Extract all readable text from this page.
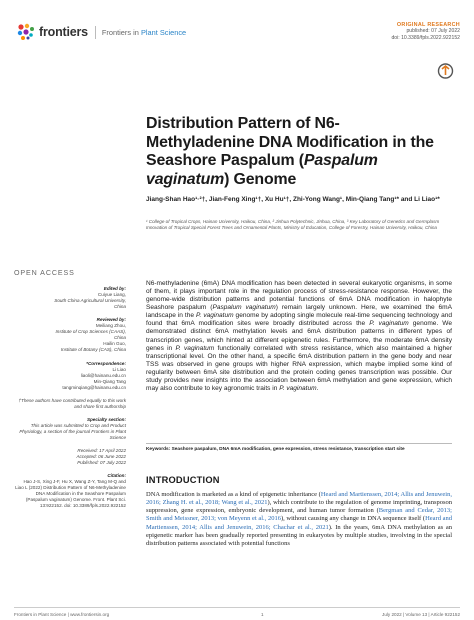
frontiers Frontiers in Plant Science
ORIGINAL RESEARCH
published: 07 July 2022
doi: 10.3389/fpls.2022.922152
Distribution Pattern of N6-Methyladenine DNA Modification in the Seashore Paspalum (Paspalum vaginatum) Genome
Jiang-Shan Hao¹·²†, Jian-Feng Xing¹†, Xu Hu¹†, Zhi-Yong Wang¹, Min-Qiang Tang¹* and Li Liao¹*
¹ College of Tropical Crops, Hainan University, Haikou, China, ² Jinhua Polytechnic, Jinhua, China, ³ Key Laboratory of Genetics and Germplasm Innovation of Tropical Special Forest Trees and Ornamental Plants, Ministry of Education, College of Forestry, Hainan University, Haikou, China
OPEN ACCESS
Edited by:
Cuiyue Liang,
South China Agricultural University,
China
Reviewed by:
Meiliang Zhou,
Institute of Crop Sciences (CAAS),
China
Hailin Guo,
Institute of Botany (CAS), China
*Correspondence:
Li Liao
liaoli@hainanu.edu.cn
Min-Qiang Tang
tangminqiang@hainanu.edu.cn
†These authors have contributed equally to this work and share first authorship
Specialty section:
This article was submitted to Crop and Product Physiology, a section of the journal Frontiers in Plant Science
Received: 17 April 2022
Accepted: 06 June 2022
Published: 07 July 2022
Citation:
Hao J-S, Xing J-F, Hu X, Wang Z-Y, Tang M-Q and Liao L (2022) Distribution Pattern of N6-Methyladenine DNA Modification in the Seashore Paspalum (Paspalum vaginatum) Genome. Front. Plant Sci. 13:922152. doi: 10.3389/fpls.2022.922152
N6-methyladenine (6mA) DNA modification has been detected in several eukaryotic organisms, in some of them, it plays important role in the regulation process of stress-resistance response. However, the genome-wide distribution patterns and potential functions of 6mA DNA modification in halophyte Seashore paspalum (Paspalum vaginatum) remain largely unknown. Here, we examined the 6mA landscape in the P. vaginatum genome by adopting single molecule real-time sequencing technology and found that 6mA modification sites were broadly distributed across the P. vaginatum genome. We demonstrated distinct 6mA methylation levels and 6mA distribution patterns in different types of transcription genes, which hinted at different epigenetic rules. Furthermore, the moderate 6mA density genes in P. vaginatum functionally correlated with stress resistance, which also maintained a higher transcriptional level. On the other hand, a specific 6mA distribution pattern in the gene body and near TSS was observed in gene groups with higher RNA expression, which maybe implied some kind of regularity between 6mA site distribution and the protein coding genes transcription was possible. Our study provides new insights into the association between 6mA methylation and gene expression, which may also contribute to key agronomic traits in P. vaginatum.
Keywords: Seashore paspalum, DNA 6mA modification, gene expression, stress resistance, transcription start site
INTRODUCTION
DNA modification is marketed as a kind of epigenetic inheritance (Heard and Martienssen, 2014; Allis and Jenuwein, 2016; Zhang H. et al., 2018; Wang et al., 2021), which contribute to the regulation of genome imprinting, transposon suppression, gene expression, embryonic development, and human tumor formation (Bergman and Cedar, 2013; Smith and Meissner, 2013; von Meyenn et al., 2016), without causing any change in DNA sequence itself (Heard and Martienssen, 2014; Allis and Jenuwein, 2016; Chachar et al., 2021). In the years, 6mA DNA methylation as an epigenetic marker has been gradually reported presenting in eukaryotes by multiple studies, involving in the special distribution patterns associated with potential functions
Frontiers in Plant Science | www.frontiersin.org	1	July 2022 | Volume 13 | Article 922152
